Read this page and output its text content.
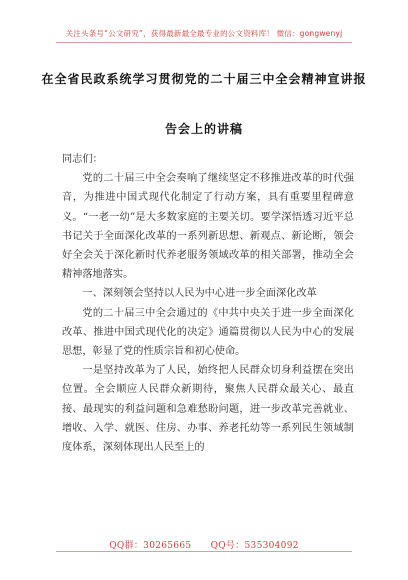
关注头条号“公文研究”，获得最新最全最专业的公文资料库！ 微信：gongwenyj
在全省民政系统学习贯彻党的二十届三中全会精神宣讲报
告会上的讲稿

同志们：

党的二十届三中全会奏响了继续坚定不移推进改革的时代强音，为推进中国式现代化制定了行动方案，具有重要里程碑意义。“一老一幼”是大多数家庭的主要关切。要学深悟透习近平总书记关于全面深化改革的一系列新思想、新观点、新论断，领会好全会关于深化新时代养老服务领域改革的相关部署，推动全会精神落地落实。

一、深刻领会坚持以人民为中心进一步全面深化改革

党的二十届三中全会通过的《中共中央关于进一步全面深化改革、推进中国式现代化的决定》通篇贯彻以人民为中心的发展思想，彰显了党的性质宗旨和初心使命。

一是坚持改革为了人民，始终把人民群众切身利益摆在突出位置。全会顺应人民群众新期待，聚焦人民群众最关心、最直接、最现实的利益问题和急难愁盼问题，进一步改革完善就业、增收、入学、就医、住房、办事、养老托幼等一系列民生领域制度体系，深刻体现出人民至上的

QQ群：30265665 QQ号：535304092
